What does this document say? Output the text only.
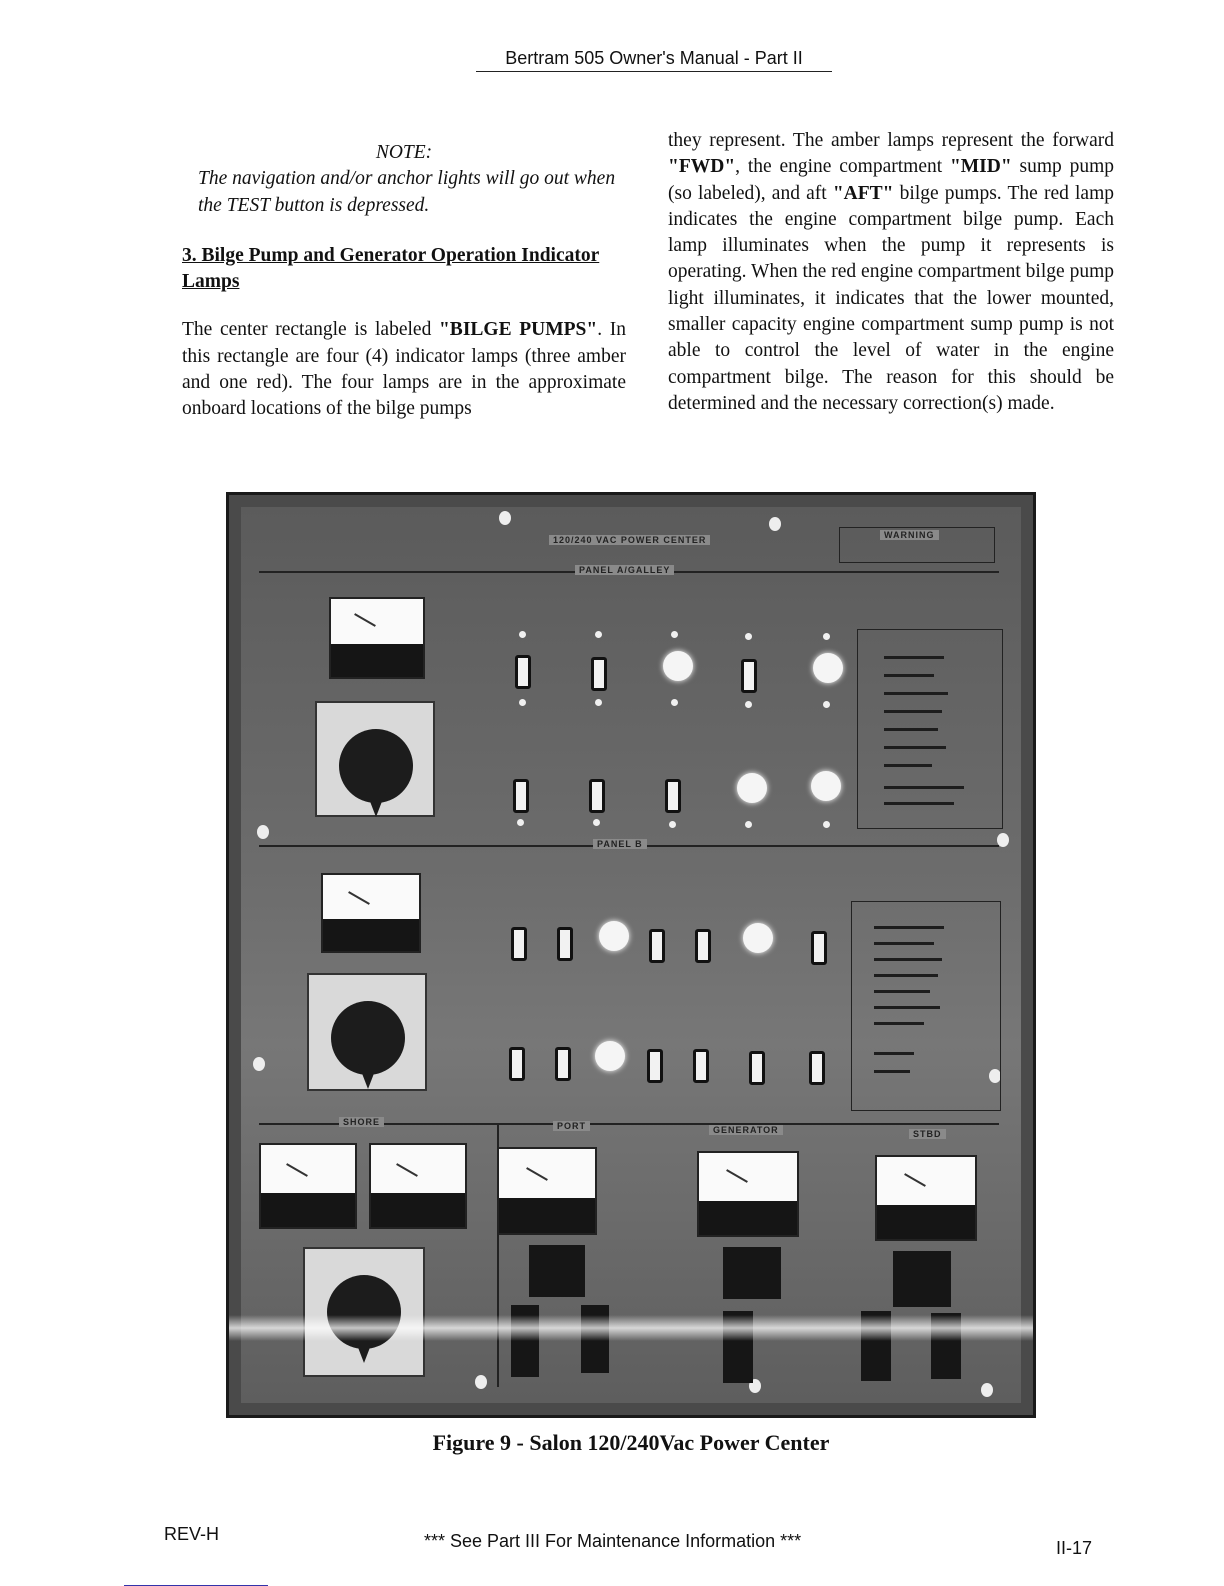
Bertram 505 Owner's Manual - Part II

NOTE:

The navigation and/or anchor lights will go out when the TEST button is depressed.

3. Bilge Pump and Generator Operation Indicator Lamps

The center rectangle is labeled "BILGE PUMPS". In this rectangle are four (4) indicator lamps (three amber and one red). The four lamps are in the approximate onboard locations of the bilge pumps

they represent. The amber lamps represent the forward "FWD", the engine compartment "MID" sump pump (so labeled), and aft "AFT" bilge pumps. The red lamp indicates the engine compartment bilge pump. Each lamp illuminates when the pump it represents is operating. When the red engine compartment bilge pump light illuminates, it indicates that the lower mounted, smaller capacity engine compartment sump pump is not able to control the level of water in the engine compartment bilge. The reason for this should be determined and the necessary correction(s) made.

120/240 VAC POWER CENTER	WARNING
PANEL A/GALLEY
PANEL B
SHORE	PORT	GENERATOR	STBD
Figure 9 - Salon 120/240Vac Power Center
REV-H	*** See Part III For Maintenance Information ***	II-17
